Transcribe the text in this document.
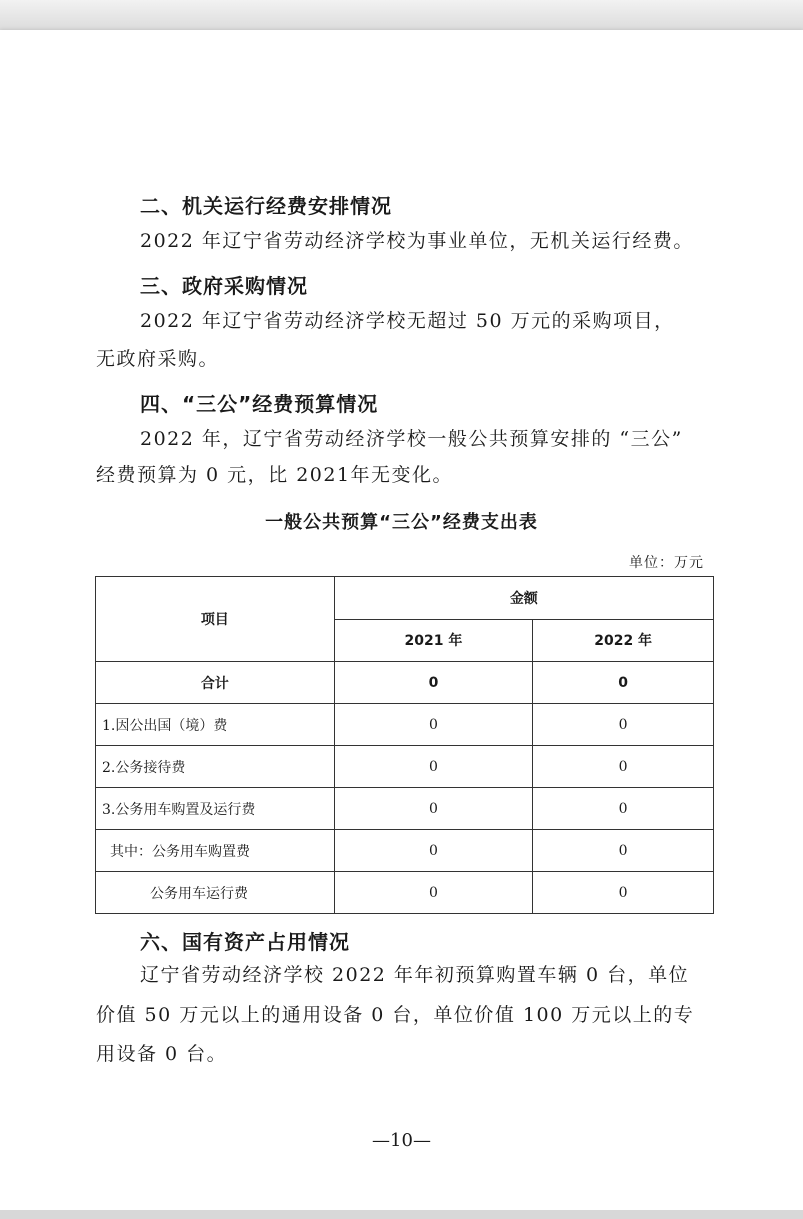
二、机关运行经费安排情况
2022 年辽宁省劳动经济学校为事业单位，无机关运行经费。
三、政府采购情况
2022 年辽宁省劳动经济学校无超过 50 万元的采购项目，
无政府采购。
四、“三公”经费预算情况
2022 年，辽宁省劳动经济学校一般公共预算安排的 “三公”
经费预算为 0 元，比 2021年无变化。
一般公共预算“三公”经费支出表
单位：万元
项目	金额	
	2021 年	2022 年
合计	0	0
1.因公出国（境）费	0	0
2.公务接待费	0	0
3.公务用车购置及运行费	0	0
其中：公务用车购置费	0	0
公务用车运行费	0	0
六、国有资产占用情况
辽宁省劳动经济学校 2022 年年初预算购置车辆 0 台，单位
价值 50 万元以上的通用设备 0 台，单位价值 100 万元以上的专
用设备 0 台。
—10—
